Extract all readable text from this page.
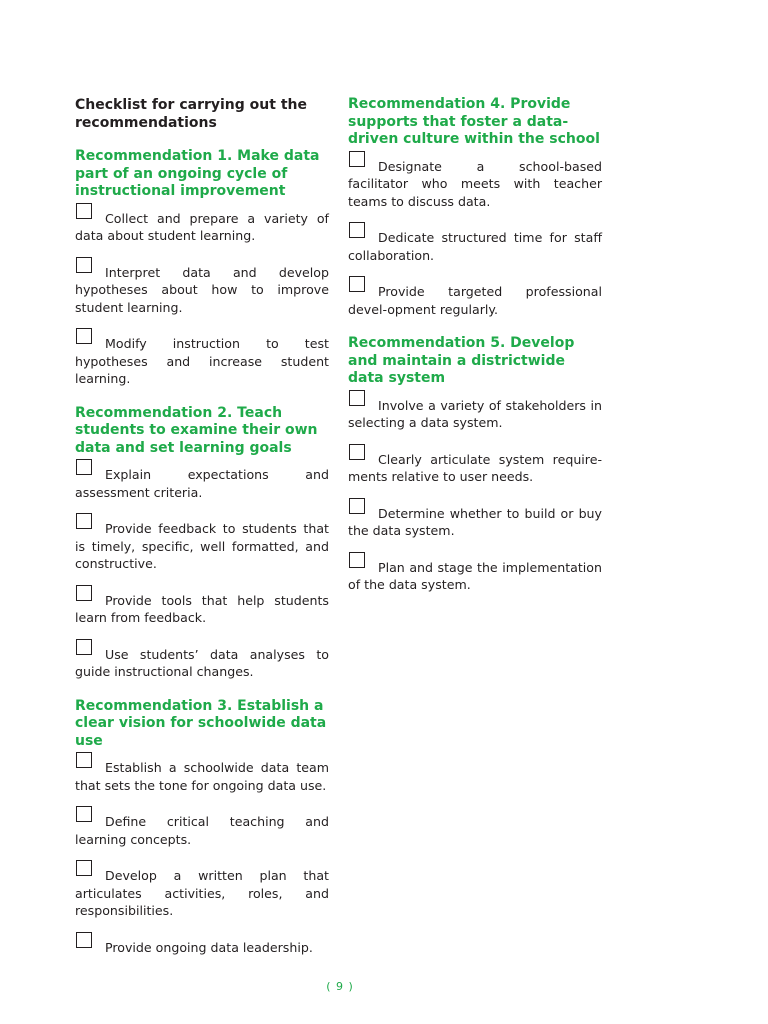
Checklist for carrying out the recommendations
Recommendation 1. Make data part of an ongoing cycle of instructional improvement
Collect and prepare a variety of data about student learning.
Interpret data and develop hypotheses about how to improve student learning.
Modify instruction to test hypotheses and increase student learning.
Recommendation 2. Teach students to examine their own data and set learning goals
Explain expectations and assessment criteria.
Provide feedback to students that is timely, specific, well formatted, and constructive.
Provide tools that help students learn from feedback.
Use students’ data analyses to guide instructional changes.
Recommendation 3. Establish a clear vision for schoolwide data use
Establish a schoolwide data team that sets the tone for ongoing data use.
Define critical teaching and learning concepts.
Develop a written plan that articulates activities, roles, and responsibilities.
Provide ongoing data leadership.
Recommendation 4. Provide supports that foster a data-driven culture within the school
Designate a school-based facilitator who meets with teacher teams to discuss data.
Dedicate structured time for staff collaboration.
Provide targeted professional devel-opment regularly.
Recommendation 5. Develop and maintain a districtwide data system
Involve a variety of stakeholders in selecting a data system.
Clearly articulate system require-ments relative to user needs.
Determine whether to build or buy the data system.
Plan and stage the implementation of the data system.
( 9 )
